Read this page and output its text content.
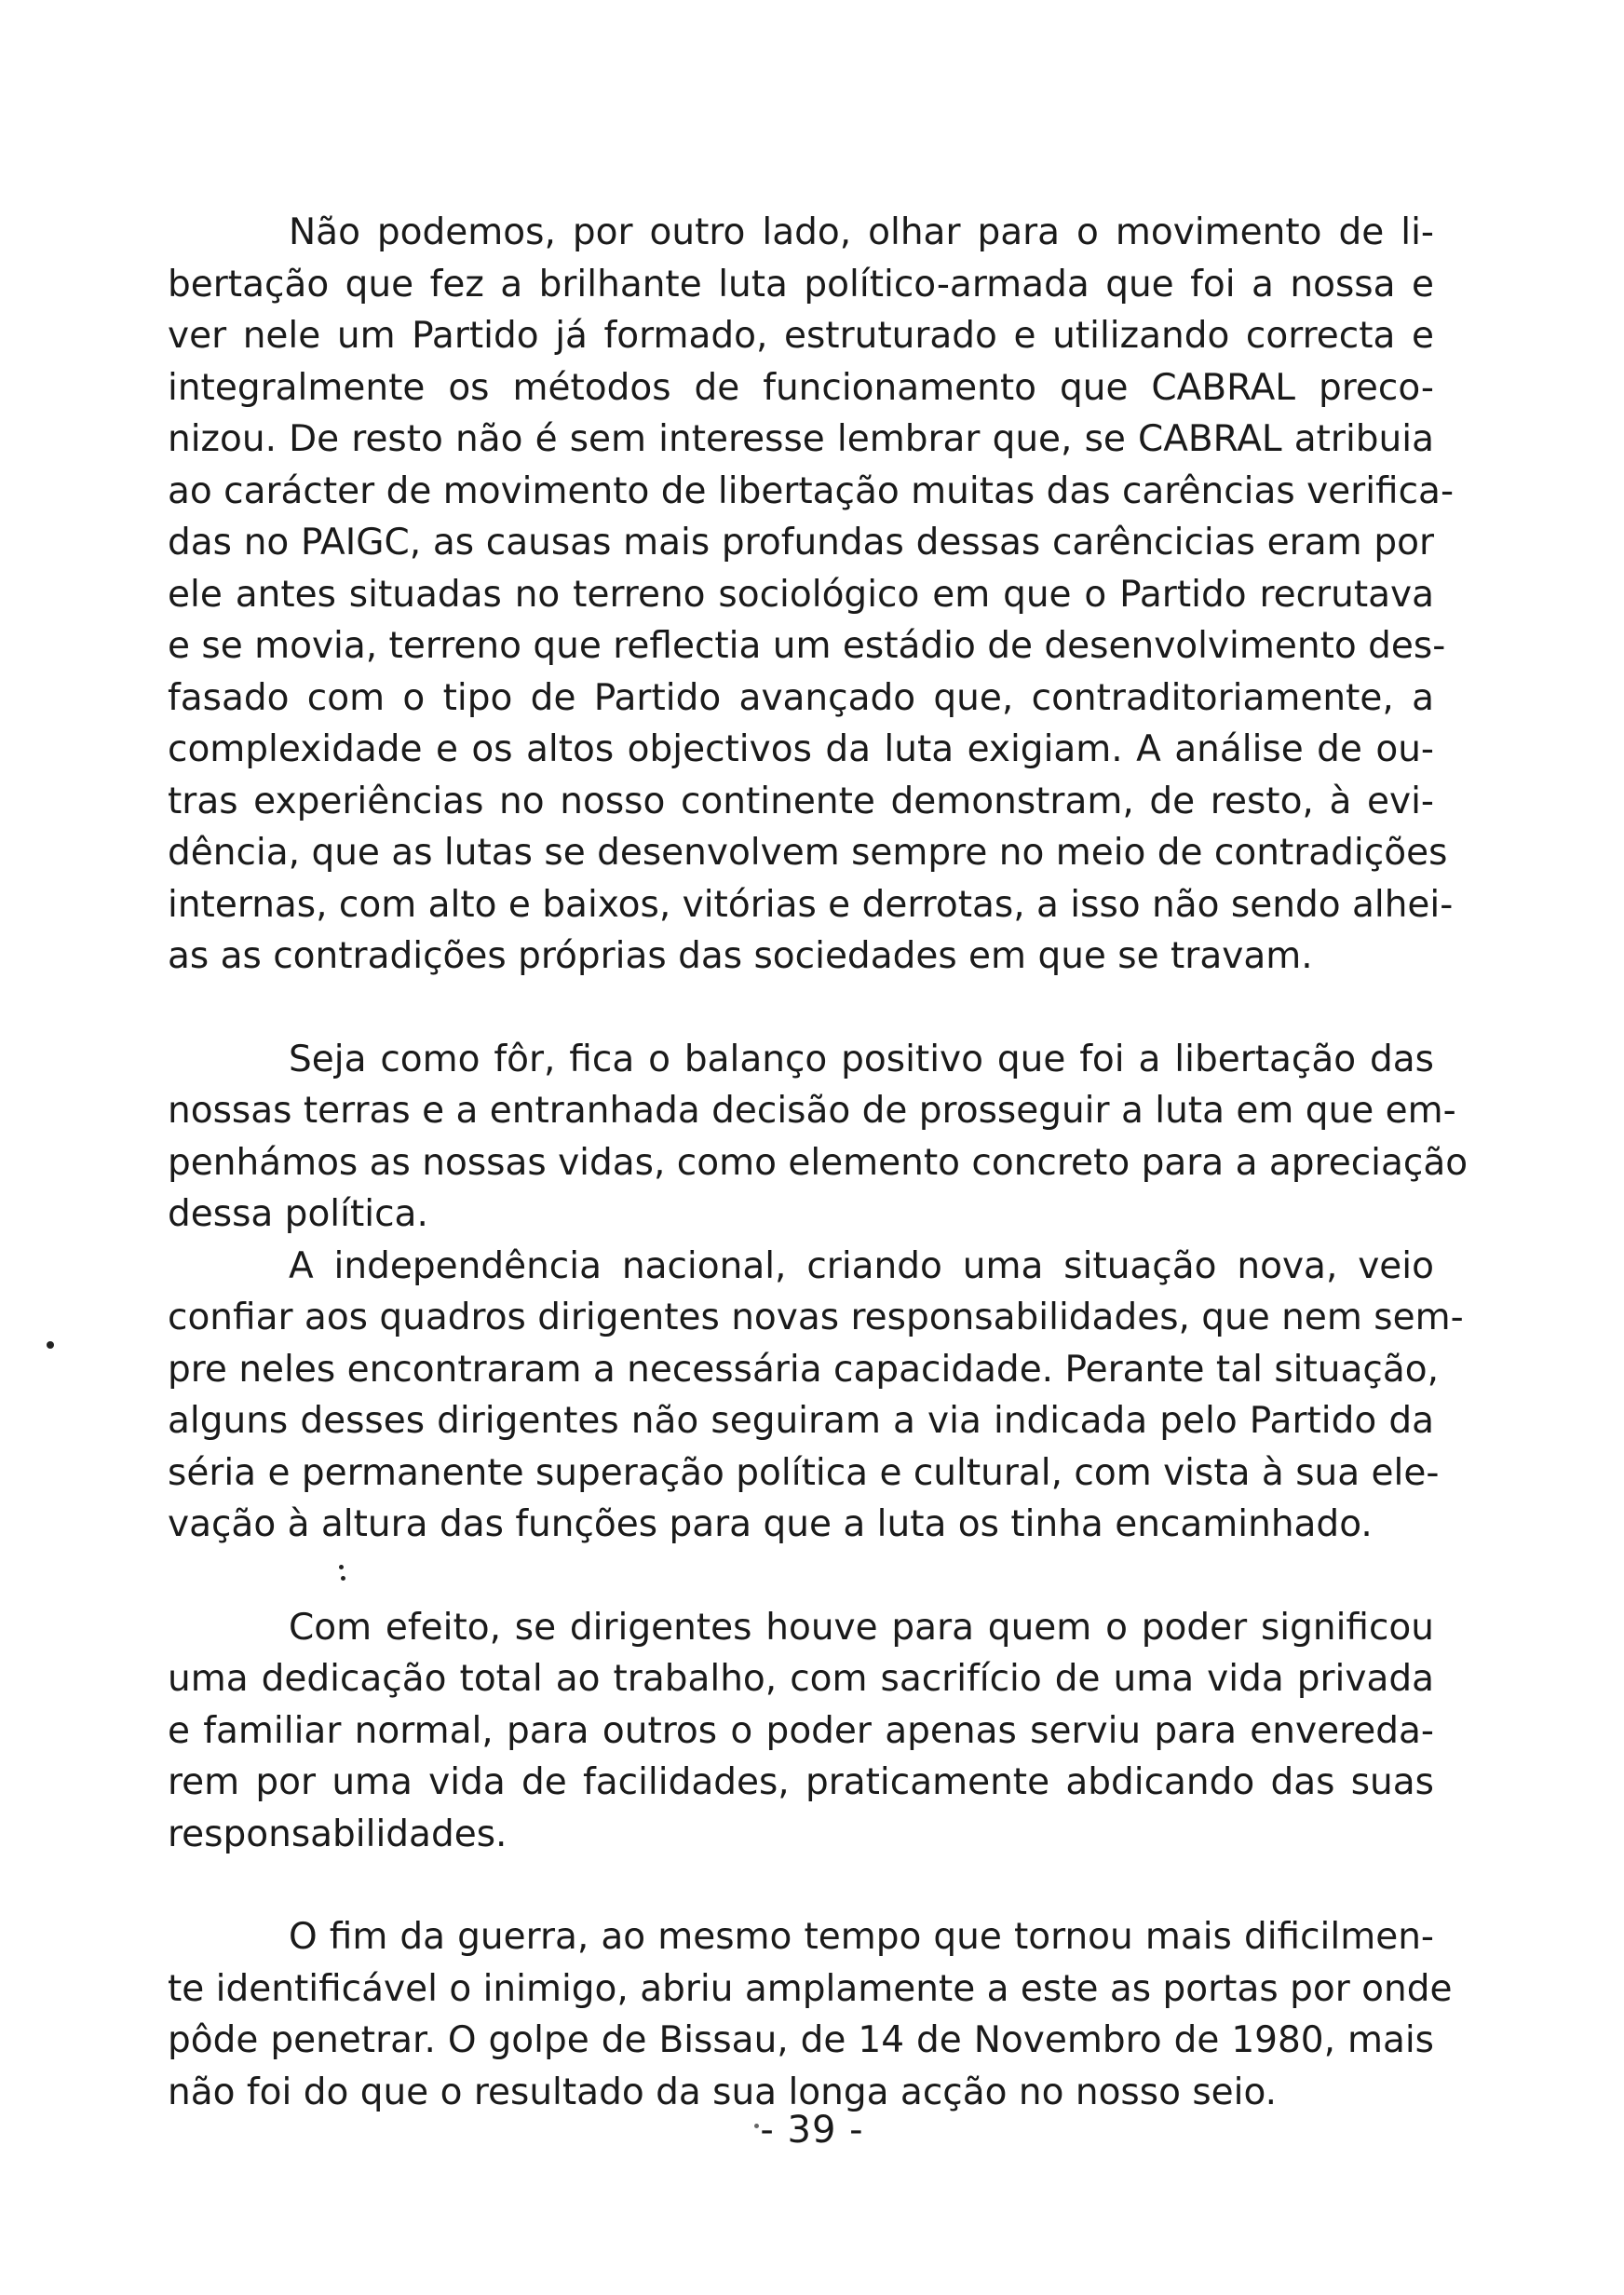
Não podemos, por outro lado, olhar para o movimento de li-
bertação que fez a brilhante luta político-armada que foi a nossa e
ver nele um Partido já formado, estruturado e utilizando correcta e
integralmente os métodos de funcionamento que CABRAL preco-
nizou. De resto não é sem interesse lembrar que, se CABRAL atribuia
ao carácter de movimento de libertação muitas das carências verifica-
das no PAIGC, as causas mais profundas dessas carêncicias eram por
ele antes situadas no terreno sociológico em que o Partido recrutava
e se movia, terreno que reflectia um estádio de desenvolvimento des-
fasado com o tipo de Partido avançado que, contraditoriamente, a
complexidade e os altos objectivos da luta exigiam. A análise de ou-
tras experiências no nosso continente demonstram, de resto, à evi-
dência, que as lutas se desenvolvem sempre no meio de contradições
internas, com alto e baixos, vitórias e derrotas, a isso não sendo alhei-
as as contradições próprias das sociedades em que se travam.

Seja como fôr, fica o balanço positivo que foi a libertação das
nossas terras e a entranhada decisão de prosseguir a luta em que em-
penhámos as nossas vidas, como elemento concreto para a apreciação
dessa política.

A independência nacional, criando uma situação nova, veio
confiar aos quadros dirigentes novas responsabilidades, que nem sem-
pre neles encontraram a necessária capacidade. Perante tal situação,
alguns desses dirigentes não seguiram a via indicada pelo Partido da
séria e permanente superação política e cultural, com vista à sua ele-
vação à altura das funções para que a luta os tinha encaminhado.

Com efeito, se dirigentes houve para quem o poder significou
uma dedicação total ao trabalho, com sacrifício de uma vida privada
e familiar normal, para outros o poder apenas serviu para envereda-
rem por uma vida de facilidades, praticamente abdicando das suas
responsabilidades.

O fim da guerra, ao mesmo tempo que tornou mais dificilmen-
te identificável o inimigo, abriu amplamente a este as portas por onde
pôde penetrar. O golpe de Bissau, de 14 de Novembro de 1980, mais
não foi do que o resultado da sua longa acção no nosso seio.

- 39 -
